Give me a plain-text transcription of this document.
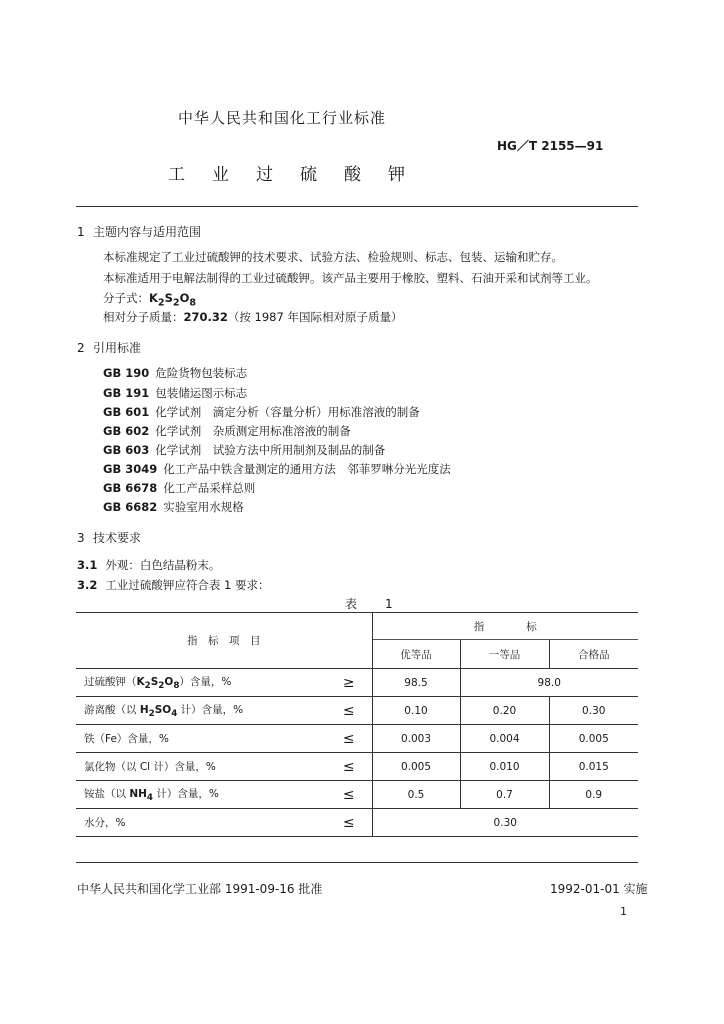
中华人民共和国化工行业标准
HG／T 2155—91
工业过硫酸钾
1 主题内容与适用范围
本标准规定了工业过硫酸钾的技术要求、试验方法、检验规则、标志、包装、运输和贮存。
本标准适用于电解法制得的工业过硫酸钾。该产品主要用于橡胶、塑料、石油开采和试剂等工业。
分子式：$K_2S_2O_8$
相对分子质量：270.32（按 1987 年国际相对原子质量）
2 引用标准
GB 190 危险货物包装标志
GB 191 包装储运图示标志
GB 601 化学试剂　滴定分析（容量分析）用标准溶液的制备
GB 602 化学试剂　杂质测定用标准溶液的制备
GB 603 化学试剂　试验方法中所用制剂及制品的制备
GB 3049 化工产品中铁含量测定的通用方法　邻菲罗啉分光光度法
GB 6678 化工产品采样总则
GB 6682 实验室用水规格
3 技术要求
3.1 外观：白色结晶粉末。
3.2 工业过硫酸钾应符合表 1 要求：
表　1
指　标　项　目		指　　　　标		
		优等品	一等品	合格品
过硫酸钾$(K_2S_2O_8)$含量，%	≥	98.5	98.0	
游离酸（以 $H_2SO_4$ 计）含量，%	≤	0.10	0.20	0.30
铁（Fe）含量，%	≤	0.003	0.004	0.005
氯化物（以 Cl 计）含量，%	≤	0.005	0.010	0.015
铵盐（以 $NH_4$ 计）含量，%	≤	0.5	0.7	0.9
水分，%	≤	0.30		
中华人民共和国化学工业部 1991-09-16 批准	1992-01-01 实施
1
